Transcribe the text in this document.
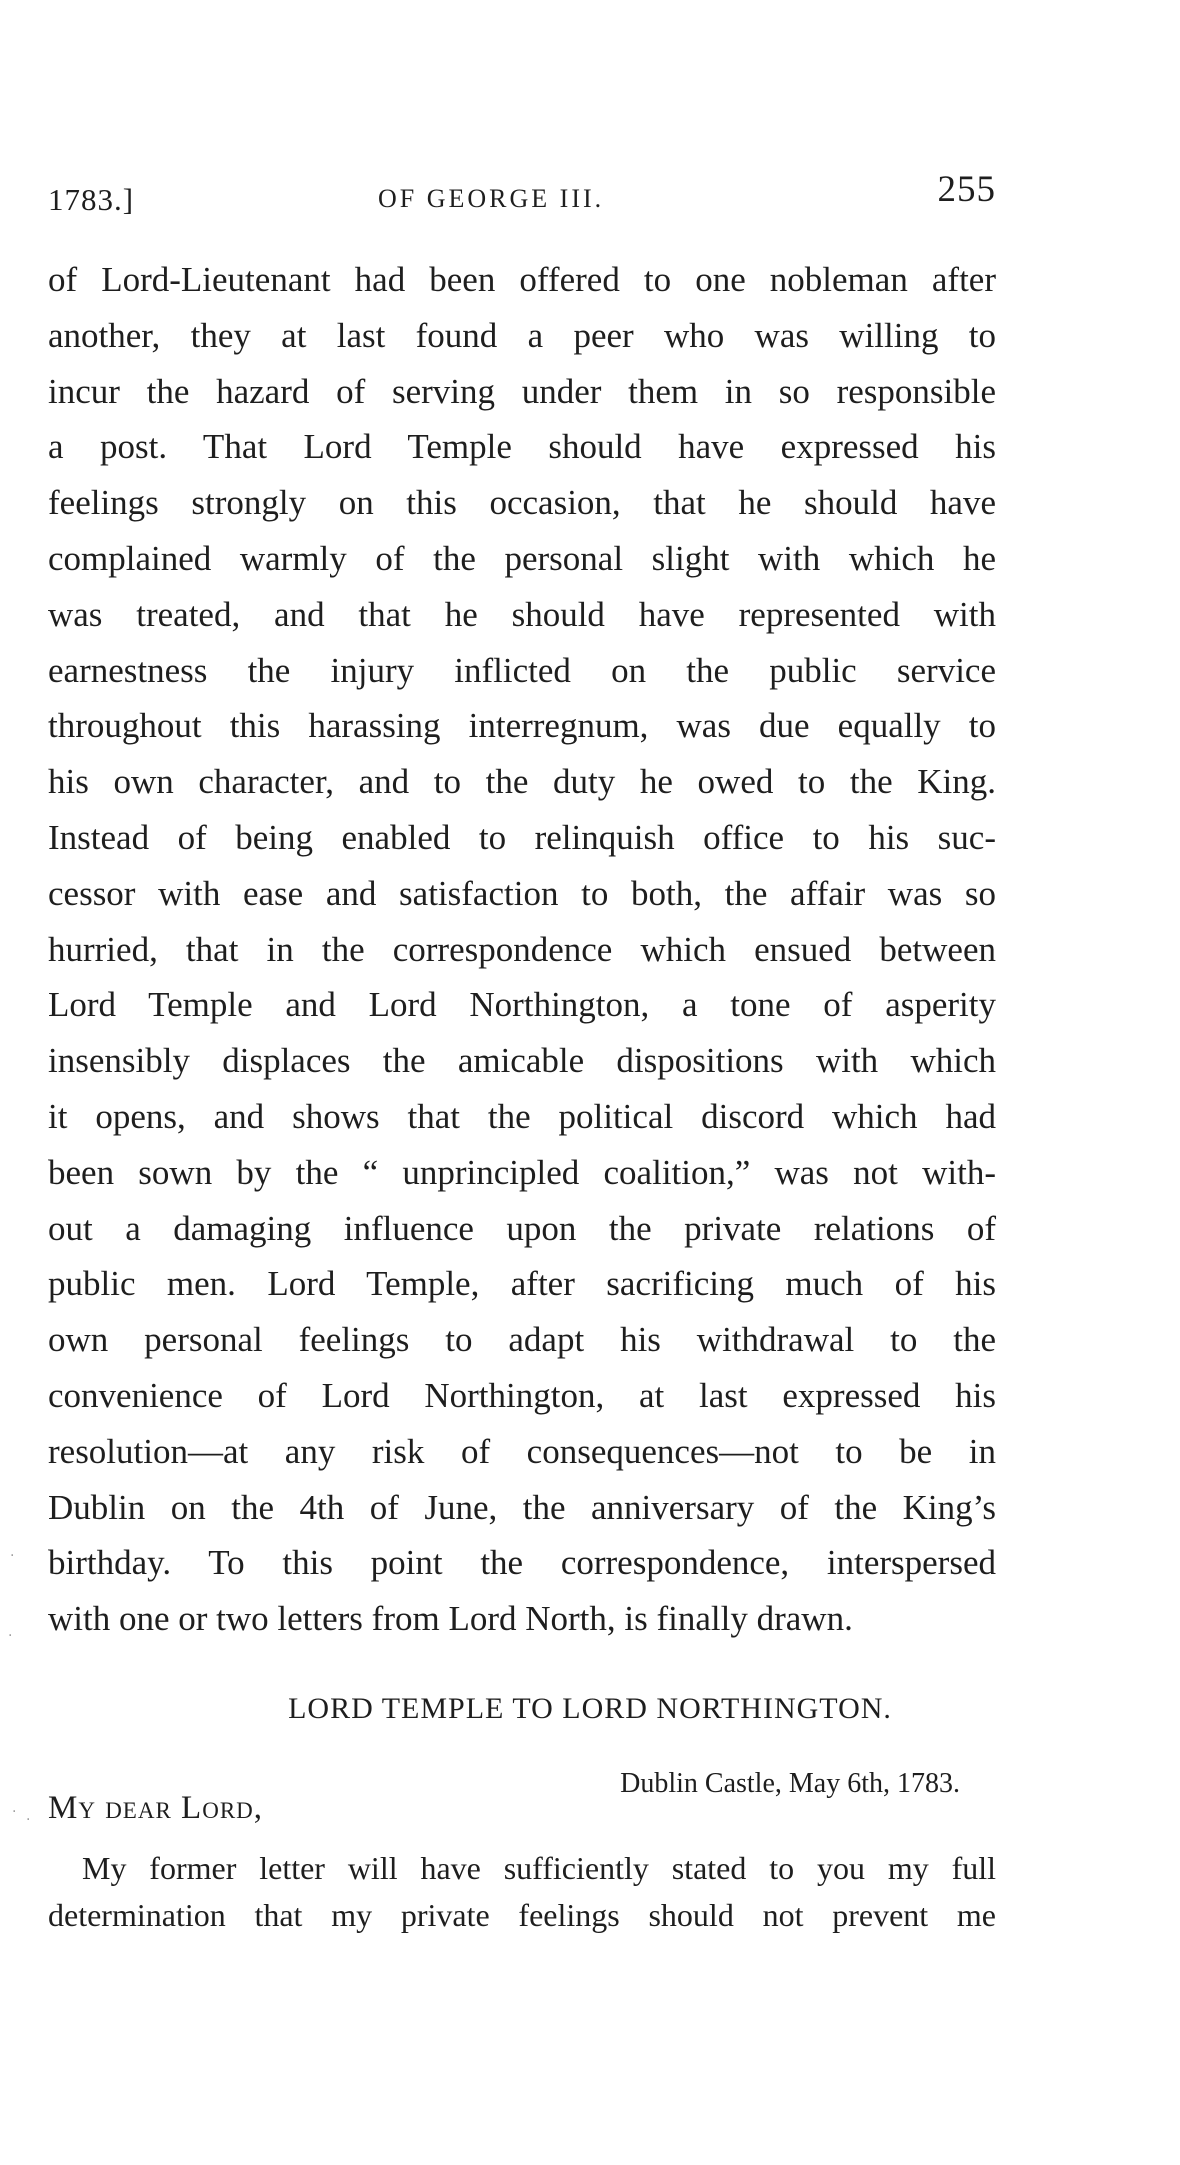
1783.]	OF GEORGE III.	255
of Lord-Lieutenant had been offered to one nobleman after
another, they at last found a peer who was willing to
incur the hazard of serving under them in so responsible
a post. That Lord Temple should have expressed his
feelings strongly on this occasion, that he should have
complained warmly of the personal slight with which he
was treated, and that he should have represented with
earnestness the injury inflicted on the public service
throughout this harassing interregnum, was due equally to
his own character, and to the duty he owed to the King.
Instead of being enabled to relinquish office to his suc-
cessor with ease and satisfaction to both, the affair was so
hurried, that in the correspondence which ensued between
Lord Temple and Lord Northington, a tone of asperity
insensibly displaces the amicable dispositions with which
it opens, and shows that the political discord which had
been sown by the “ unprincipled coalition,” was not with-
out a damaging influence upon the private relations of
public men. Lord Temple, after sacrificing much of his
own personal feelings to adapt his withdrawal to the
convenience of Lord Northington, at last expressed his
resolution—at any risk of consequences—not to be in
Dublin on the 4th of June, the anniversary of the King’s
birthday. To this point the correspondence, interspersed
with one or two letters from Lord North, is finally drawn.
LORD TEMPLE TO LORD NORTHINGTON.
Dublin Castle, May 6th, 1783.
My dear Lord,
My former letter will have sufficiently stated to you my full
determination that my private feelings should not prevent me
·
·
· ·
